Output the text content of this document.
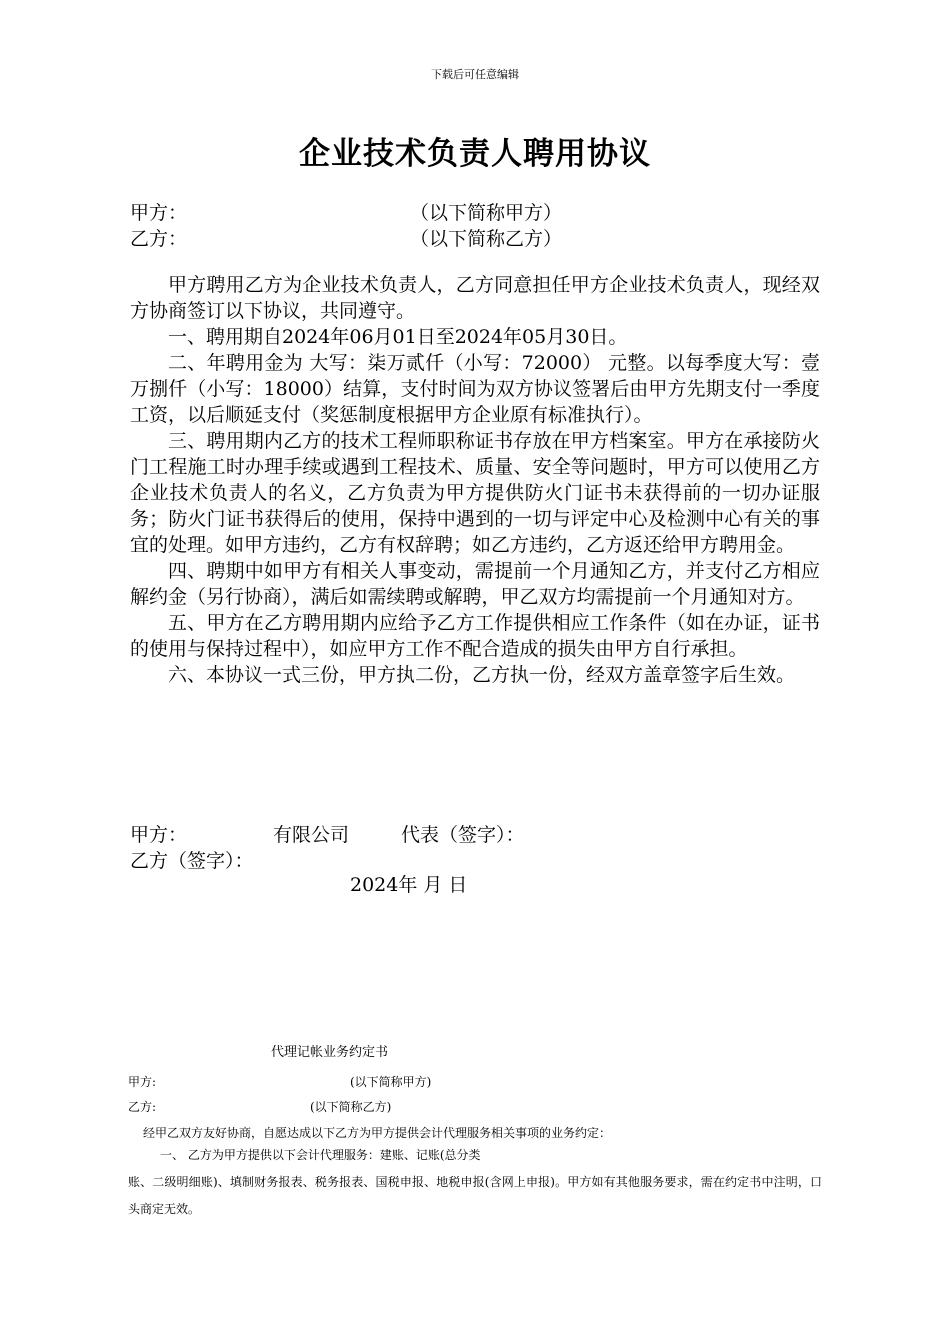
下载后可任意编辑
企业技术负责人聘用协议
甲方：	（以下简称甲方）
乙方：	（以下简称乙方）

甲方聘用乙方为企业技术负责人，乙方同意担任甲方企业技术负责人，现经双方协商签订以下协议，共同遵守。

一、聘用期自2024年06月01日至2024年05月30日。

二、年聘用金为 大写：柒万贰仟（小写：72000） 元整。以每季度大写：壹万捌仟（小写：18000）结算，支付时间为双方协议签署后由甲方先期支付一季度工资，以后顺延支付（奖惩制度根据甲方企业原有标准执行）。

三、聘用期内乙方的技术工程师职称证书存放在甲方档案室。甲方在承接防火门工程施工时办理手续或遇到工程技术、质量、安全等问题时，甲方可以使用乙方企业技术负责人的名义，乙方负责为甲方提供防火门证书未获得前的一切办证服务；防火门证书获得后的使用，保持中遇到的一切与评定中心及检测中心有关的事宜的处理。如甲方违约，乙方有权辞聘；如乙方违约，乙方返还给甲方聘用金。

四、聘期中如甲方有相关人事变动，需提前一个月通知乙方，并支付乙方相应解约金（另行协商），满后如需续聘或解聘，甲乙双方均需提前一个月通知对方。

五、甲方在乙方聘用期内应给予乙方工作提供相应工作条件（如在办证，证书的使用与保持过程中），如应甲方工作不配合造成的损失由甲方自行承担。

六、本协议一式三份，甲方执二份，乙方执一份，经双方盖章签字后生效。

甲方：	有限公司	代表（签字）：
乙方（签字）：
2024年 月 日
代理记帐业务约定书
甲方:	(以下简称甲方)
乙方:	(以下简称乙方)
经甲乙双方友好协商，自愿达成以下乙方为甲方提供会计代理服务相关事项的业务约定：

一、 乙方为甲方提供以下会计代理服务：建账、记账(总分类

账、二级明细账)、填制财务报表、税务报表、国税申报、地税申报(含网上申报)。甲方如有其他服务要求，需在约定书中注明，口头商定无效。
